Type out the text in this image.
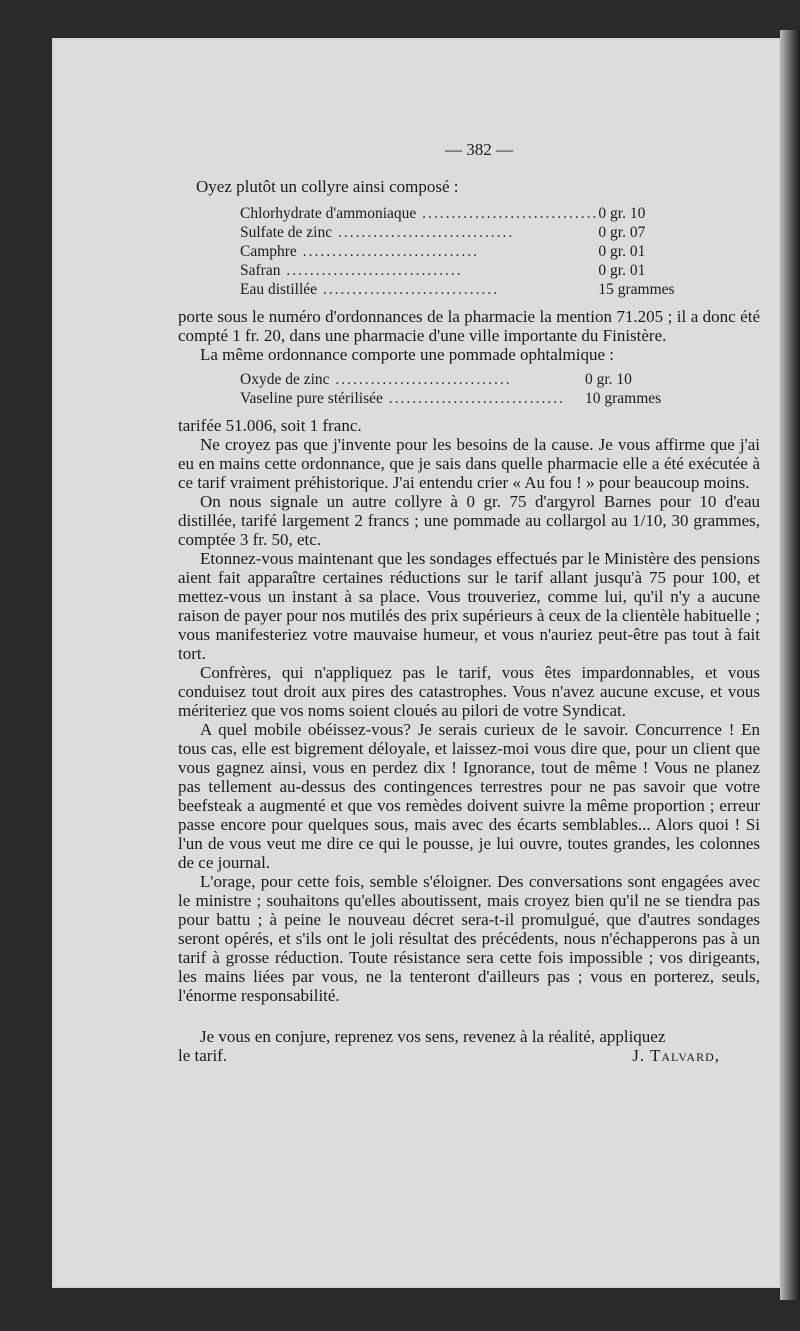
— 382 —
Oyez plutôt un collyre ainsi composé :
Chlorhydrate d'ammoniaque ..............................	0 gr. 10
Sulfate de zinc ..............................	0 gr. 07
Camphre ..............................	0 gr. 01
Safran ..............................	0 gr. 01
Eau distillée ..............................	15 grammes

porte sous le numéro d'ordonnances de la pharmacie la mention 71.205 ; il a donc été compté 1 fr. 20, dans une pharmacie d'une ville importante du Finistère.

La même ordonnance comporte une pommade ophtalmique :

Oxyde de zinc ..............................	0 gr. 10
Vaseline pure stérilisée ..............................	10 grammes

tarifée 51.006, soit 1 franc.

Ne croyez pas que j'invente pour les besoins de la cause. Je vous affirme que j'ai eu en mains cette ordonnance, que je sais dans quelle pharmacie elle a été exécutée à ce tarif vraiment préhistorique. J'ai entendu crier « Au fou ! » pour beaucoup moins.

On nous signale un autre collyre à 0 gr. 75 d'argyrol Barnes pour 10 d'eau distillée, tarifé largement 2 francs ; une pommade au collargol au 1/10, 30 grammes, comptée 3 fr. 50, etc.

Etonnez-vous maintenant que les sondages effectués par le Ministère des pensions aient fait apparaître certaines réductions sur le tarif allant jusqu'à 75 pour 100, et mettez-vous un instant à sa place. Vous trouveriez, comme lui, qu'il n'y a aucune raison de payer pour nos mutilés des prix supérieurs à ceux de la clientèle habituelle ; vous manifesteriez votre mauvaise humeur, et vous n'auriez peut-être pas tout à fait tort.

Confrères, qui n'appliquez pas le tarif, vous êtes impardonnables, et vous conduisez tout droit aux pires des catastrophes. Vous n'avez aucune excuse, et vous mériteriez que vos noms soient cloués au pilori de votre Syndicat.

A quel mobile obéissez-vous? Je serais curieux de le savoir. Concurrence ! En tous cas, elle est bigrement déloyale, et laissez-moi vous dire que, pour un client que vous gagnez ainsi, vous en perdez dix ! Ignorance, tout de même ! Vous ne planez pas tellement au-dessus des contingences terrestres pour ne pas savoir que votre beefsteak a augmenté et que vos remèdes doivent suivre la même proportion ; erreur passe encore pour quelques sous, mais avec des écarts semblables... Alors quoi ! Si l'un de vous veut me dire ce qui le pousse, je lui ouvre, toutes grandes, les colonnes de ce journal.

L'orage, pour cette fois, semble s'éloigner. Des conversations sont engagées avec le ministre ; souhaitons qu'elles aboutissent, mais croyez bien qu'il ne se tiendra pas pour battu ; à peine le nouveau décret sera-t-il promulgué, que d'autres sondages seront opérés, et s'ils ont le joli résultat des précédents, nous n'échapperons pas à un tarif à grosse réduction. Toute résistance sera cette fois impossible ; vos dirigeants, les mains liées par vous, ne la tenteront d'ailleurs pas ; vous en porterez, seuls, l'énorme responsabilité.

Je vous en conjure, reprenez vos sens, revenez à la réalité, appliquez

le tarif.	J. Talvard,
